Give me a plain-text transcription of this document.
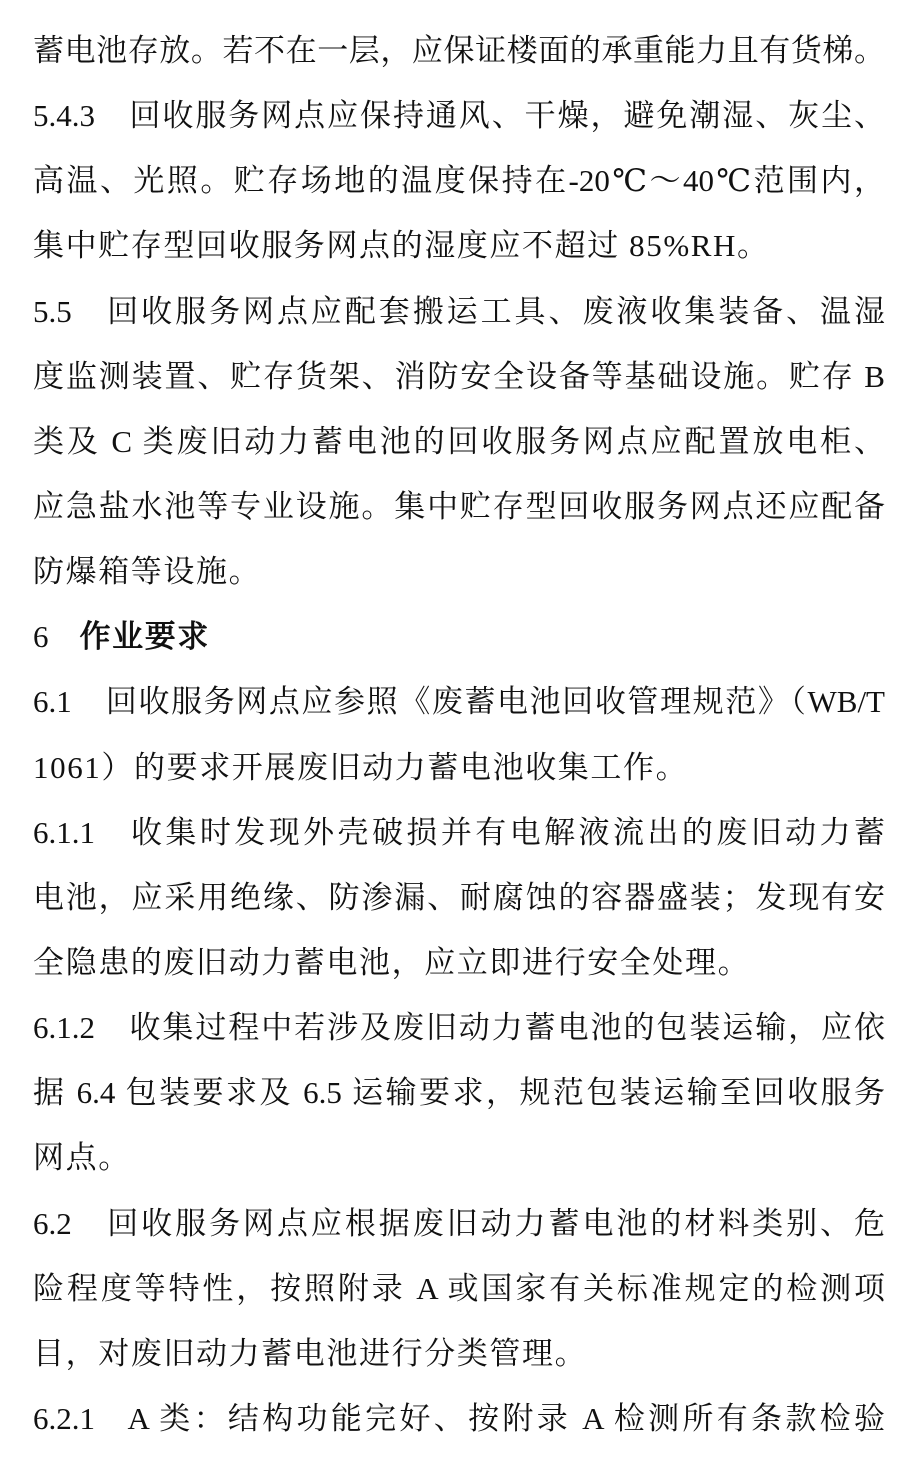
蓄电池存放。若不在一层，应保证楼面的承重能力且有货梯。
5.4.3 回收服务网点应保持通风、干燥，避免潮湿、灰尘、
高温、光照。贮存场地的温度保持在-20℃～40℃范围内，
集中贮存型回收服务网点的湿度应不超过 85%RH。
5.5 回收服务网点应配套搬运工具、废液收集装备、温湿
度监测装置、贮存货架、消防安全设备等基础设施。贮存 B
类及 C 类废旧动力蓄电池的回收服务网点应配置放电柜、
应急盐水池等专业设施。集中贮存型回收服务网点还应配备
防爆箱等设施。
6 作业要求
6.1 回收服务网点应参照《废蓄电池回收管理规范》（WB/T
1061）的要求开展废旧动力蓄电池收集工作。
6.1.1 收集时发现外壳破损并有电解液流出的废旧动力蓄
电池，应采用绝缘、防渗漏、耐腐蚀的容器盛装；发现有安
全隐患的废旧动力蓄电池，应立即进行安全处理。
6.1.2 收集过程中若涉及废旧动力蓄电池的包装运输，应依
据 6.4 包装要求及 6.5 运输要求，规范包装运输至回收服务
网点。
6.2 回收服务网点应根据废旧动力蓄电池的材料类别、危
险程度等特性，按照附录 A 或国家有关标准规定的检测项
目，对废旧动力蓄电池进行分类管理。
6.2.1 A 类：结构功能完好、按附录 A 检测所有条款检验
